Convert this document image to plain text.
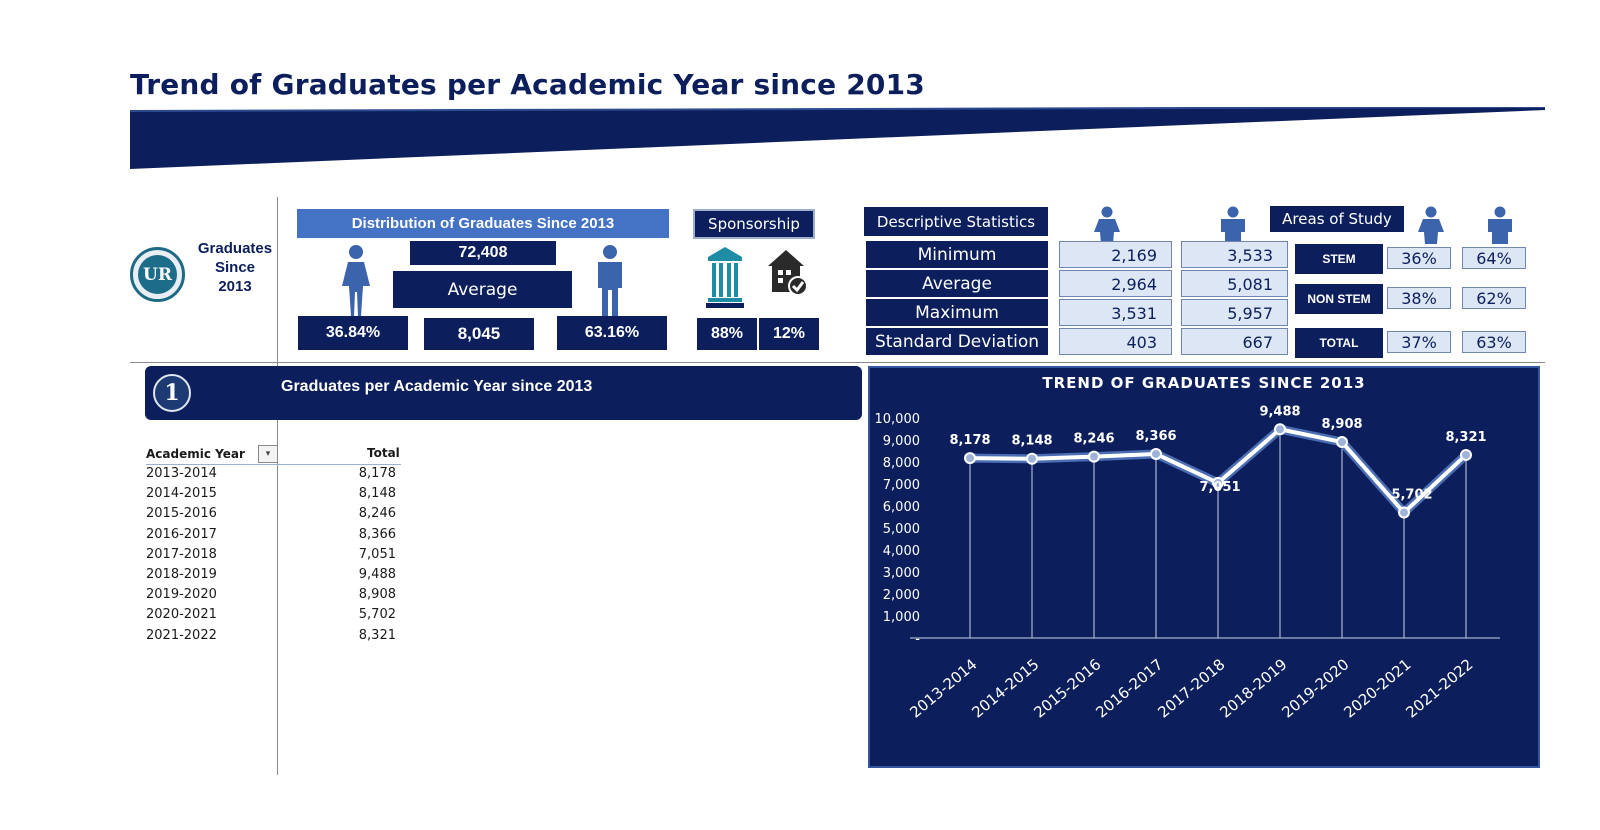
Trend of Graduates per Academic Year since 2013
UR
Graduates
Since
2013
Distribution of Graduates Since 2013
72,408
Average
36.84%	8,045	63.16%
Sponsorship
88%	12%
Descriptive Statistics
Minimum	2,169	3,533
Average	2,964	5,081
Maximum	3,531	5,957
Standard Deviation	403	667
Areas of Study
STEM	36%	64%
NON STEM	38%	62%
TOTAL	37%	63%
1	Graduates per Academic Year since 2013
Academic Year	▾	Total
2013-2014	8,178
2014-2015	8,148
2015-2016	8,246
2016-2017	8,366
2017-2018	7,051
2018-2019	9,488
2019-2020	8,908
2020-2021	5,702
2021-2022	8,321
TREND OF GRADUATES SINCE 2013
10,000
9,000
8,000
7,000
6,000
5,000
4,000
3,000
2,000
1,000
-
8,178 8,148 8,246 8,366
7,051
9,488
8,908
5,702
8,321
2013-2014
2014-2015
2015-2016
2016-2017
2017-2018
2018-2019
2019-2020
2020-2021
2021-2022
